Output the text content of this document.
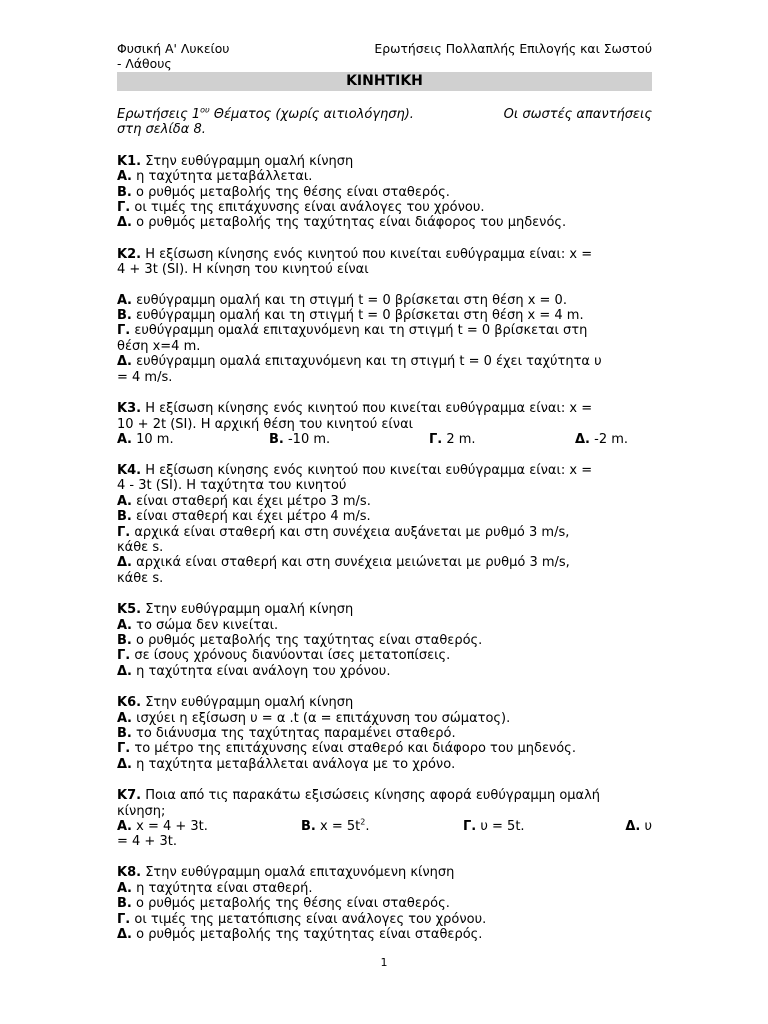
Φυσική Α' Λυκείου	Ερωτήσεις Πολλαπλής Επιλογής και Σωστού
- Λάθους
ΚΙΝΗΤΙΚΗ
Ερωτήσεις $1^{o\upsilon}$ Θέματος (χωρίς αιτιολόγηση).	Οι σωστές απαντήσεις
στη σελίδα 8.
Κ1. Στην ευθύγραμμη ομαλή κίνηση
Α. η ταχύτητα μεταβάλλεται.
Β. ο ρυθμός μεταβολής της θέσης είναι σταθερός.
Γ. οι τιμές της επιτάχυνσης είναι ανάλογες του χρόνου.
Δ. ο ρυθμός μεταβολής της ταχύτητας είναι διάφορος του μηδενός.
Κ2. Η εξίσωση κίνησης ενός κινητού που κινείται ευθύγραμμα είναι: x =
4 + 3t (SI). Η κίνηση του κινητού είναι
Α. ευθύγραμμη ομαλή και τη στιγμή t = 0 βρίσκεται στη θέση x = 0.
Β. ευθύγραμμη ομαλή και τη στιγμή t = 0 βρίσκεται στη θέση x = 4 m.
Γ. ευθύγραμμη ομαλά επιταχυνόμενη και τη στιγμή t = 0 βρίσκεται στη
θέση x=4 m.
Δ. ευθύγραμμη ομαλά επιταχυνόμενη και τη στιγμή t = 0 έχει ταχύτητα υ
= 4 m/s.
Κ3. Η εξίσωση κίνησης ενός κινητού που κινείται ευθύγραμμα είναι: x =
10 + 2t (SI). Η αρχική θέση του κινητού είναι
Α. 10 m.	Β. -10 m.	Γ. 2 m.	Δ. -2 m.
Κ4. Η εξίσωση κίνησης ενός κινητού που κινείται ευθύγραμμα είναι: x =
4 - 3t (SI). Η ταχύτητα του κινητού
Α. είναι σταθερή και έχει μέτρο 3 m/s.
Β. είναι σταθερή και έχει μέτρο 4 m/s.
Γ. αρχικά είναι σταθερή και στη συνέχεια αυξάνεται με ρυθμό 3 m/s,
κάθε s.
Δ. αρχικά είναι σταθερή και στη συνέχεια μειώνεται με ρυθμό 3 m/s,
κάθε s.
Κ5. Στην ευθύγραμμη ομαλή κίνηση
Α. το σώμα δεν κινείται.
Β. ο ρυθμός μεταβολής της ταχύτητας είναι σταθερός.
Γ. σε ίσους χρόνους διανύονται ίσες μετατοπίσεις.
Δ. η ταχύτητα είναι ανάλογη του χρόνου.
Κ6. Στην ευθύγραμμη ομαλή κίνηση
Α. ισχύει η εξίσωση υ = α .t (α = επιτάχυνση του σώματος).
Β. το διάνυσμα της ταχύτητας παραμένει σταθερό.
Γ. το μέτρο της επιτάχυνσης είναι σταθερό και διάφορο του μηδενός.
Δ. η ταχύτητα μεταβάλλεται ανάλογα με το χρόνο.
Κ7. Ποια από τις παρακάτω εξισώσεις κίνησης αφορά ευθύγραμμη ομαλή
κίνηση;
Α. x = 4 + 3t.	Β. $x = 5t^2$.	Γ. υ = 5t.	Δ. υ
= 4 + 3t.
Κ8. Στην ευθύγραμμη ομαλά επιταχυνόμενη κίνηση
Α. η ταχύτητα είναι σταθερή.
Β. ο ρυθμός μεταβολής της θέσης είναι σταθερός.
Γ. οι τιμές της μετατόπισης είναι ανάλογες του χρόνου.
Δ. ο ρυθμός μεταβολής της ταχύτητας είναι σταθερός.
1
